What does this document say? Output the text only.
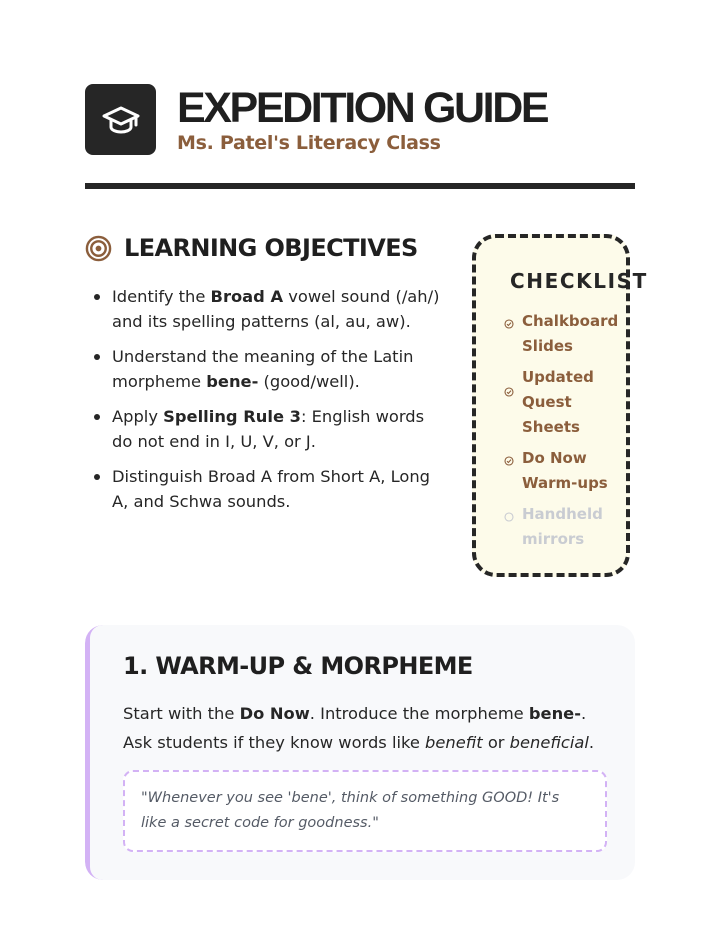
EXPEDITION GUIDE
Ms. Patel's Literacy Class
LEARNING OBJECTIVES
Identify the Broad A vowel sound (/ah/) and its spelling patterns (al, au, aw).
Understand the meaning of the Latin morpheme bene- (good/well).
Apply Spelling Rule 3: English words do not end in I, U, V, or J.
Distinguish Broad A from Short A, Long A, and Schwa sounds.
CHECKLIST
Chalkboard Slides
Updated Quest Sheets
Do Now Warm-ups
Handheld mirrors
1. WARM-UP & MORPHEME
Start with the Do Now. Introduce the morpheme bene-. Ask students if they know words like benefit or beneficial.
"Whenever you see 'bene', think of something GOOD! It's like a secret code for goodness."
